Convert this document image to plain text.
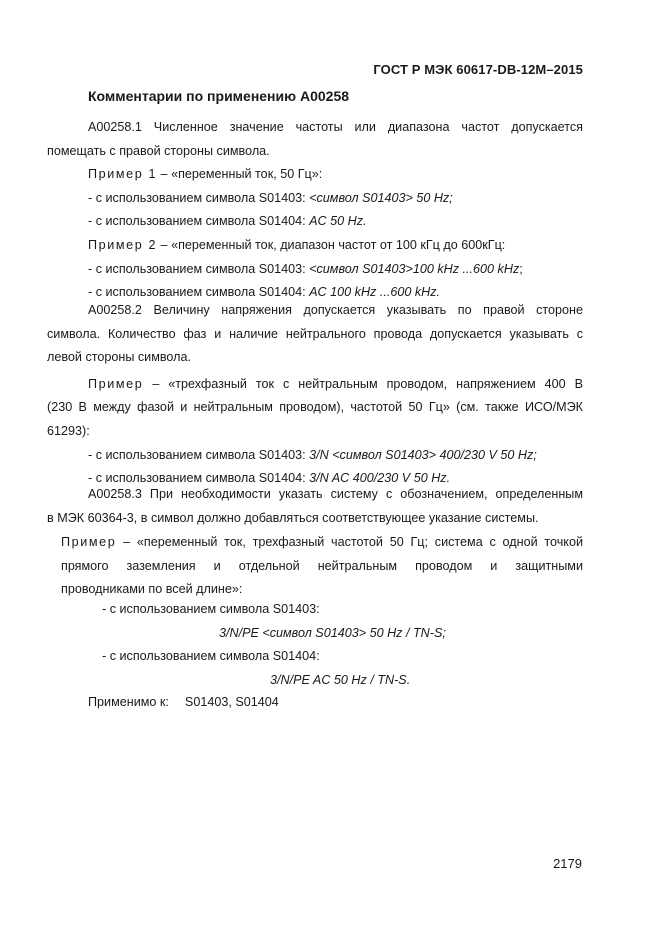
ГОСТ Р МЭК 60617-DB-12M–2015
Комментарии по применению A00258

A00258.1 Численное значение частоты или диапазона частот допускается

помещать с правой стороны символа.

Пример 1 – «переменный ток, 50 Гц»:

- с использованием символа S01403: <символ S01403> 50 Hz;

- с использованием символа S01404: AC 50 Hz.

Пример 2 – «переменный ток, диапазон частот от 100 кГц до 600кГц:

- с использованием символа S01403: <символ S01403>100 kHz ...600 kHz;

- с использованием символа S01404: AC 100 kHz ...600 kHz.

A00258.2 Величину напряжения допускается указывать по правой стороне

символа. Количество фаз и наличие нейтрального провода допускается указывать с

левой стороны символа.

Пример – «трехфазный ток с нейтральным проводом, напряжением 400 В

(230 В между фазой и нейтральным проводом), частотой 50 Гц» (см. также ИСО/МЭК

61293):

- с использованием символа S01403: 3/N <символ S01403> 400/230 V 50 Hz;

- с использованием символа S01404: 3/N AC 400/230 V 50 Hz.

A00258.3 При необходимости указать систему с обозначением, определенным

в МЭК 60364-3, в символ должно добавляться соответствующее указание системы.

Пример – «переменный ток, трехфазный частотой 50 Гц; система с одной точкой

прямого заземления и отдельной нейтральным проводом и защитными

проводниками по всей длине»:

- с использованием символа S01403:
3/N/PE <символ S01403> 50 Hz / TN-S;
- с использованием символа S01404:
3/N/PE AC 50 Hz / TN-S.
Применимо к: S01403, S01404
2179
